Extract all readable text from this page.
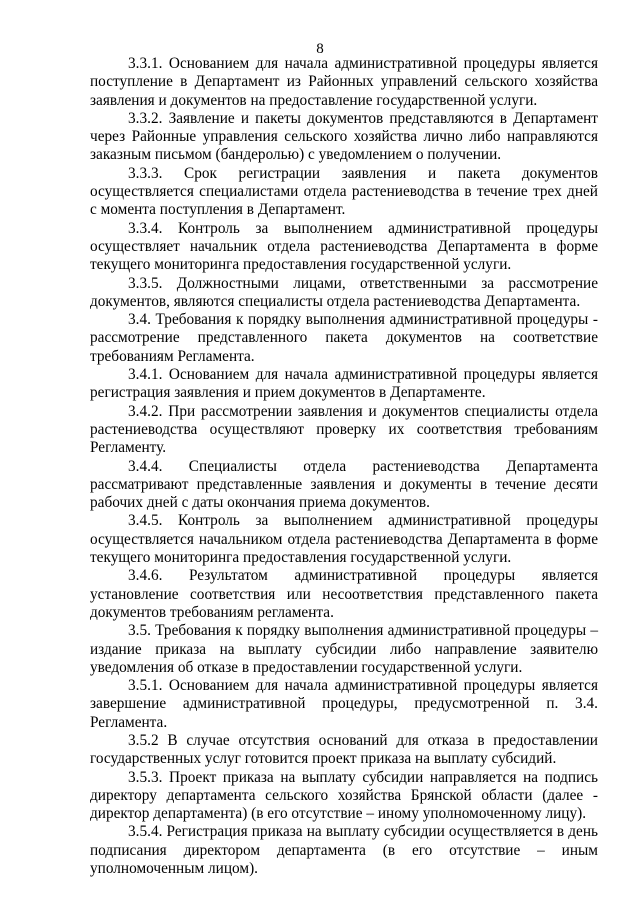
8

3.3.1. Основанием для начала административной процедуры является поступление в Департамент из Районных управлений сельского хозяйства заявления и документов на предоставление государственной услуги.

3.3.2. Заявление и пакеты документов представляются в Департамент через Районные управления сельского хозяйства лично либо направляются заказным письмом (бандеролью) с уведомлением о получении.

3.3.3. Срок регистрации заявления и пакета документов осуществляется специалистами отдела растениеводства в течение трех дней с момента поступления в Департамент.

3.3.4. Контроль за выполнением административной процедуры осуществляет начальник отдела растениеводства Департамента в форме текущего мониторинга предоставления государственной услуги.

3.3.5. Должностными лицами, ответственными за рассмотрение документов, являются специалисты отдела растениеводства Департамента.

3.4. Требования к порядку выполнения административной процедуры - рассмотрение представленного пакета документов на соответствие требованиям Регламента.

3.4.1. Основанием для начала административной процедуры является регистрация заявления и прием документов в Департаменте.

3.4.2. При рассмотрении заявления и документов специалисты отдела растениеводства осуществляют проверку их соответствия требованиям Регламенту.

3.4.4. Специалисты отдела растениеводства Департамента рассматривают представленные заявления и документы в течение десяти рабочих дней с даты окончания приема документов.

3.4.5. Контроль за выполнением административной процедуры осуществляется начальником отдела растениеводства Департамента в форме текущего мониторинга предоставления государственной услуги.

3.4.6. Результатом административной процедуры является установление соответствия или несоответствия представленного пакета документов требованиям регламента.

3.5. Требования к порядку выполнения административной процедуры – издание приказа на выплату субсидии либо направление заявителю уведомления об отказе в предоставлении государственной услуги.

3.5.1. Основанием для начала административной процедуры является завершение административной процедуры, предусмотренной п. 3.4. Регламента.

3.5.2 В случае отсутствия оснований для отказа в предоставлении государственных услуг готовится проект приказа на выплату субсидий.

3.5.3. Проект приказа на выплату субсидии направляется на подпись директору департамента сельского хозяйства Брянской области (далее - директор департамента) (в его отсутствие – иному уполномоченному лицу).

3.5.4. Регистрация приказа на выплату субсидии осуществляется в день подписания директором департамента (в его отсутствие – иным уполномоченным лицом).
